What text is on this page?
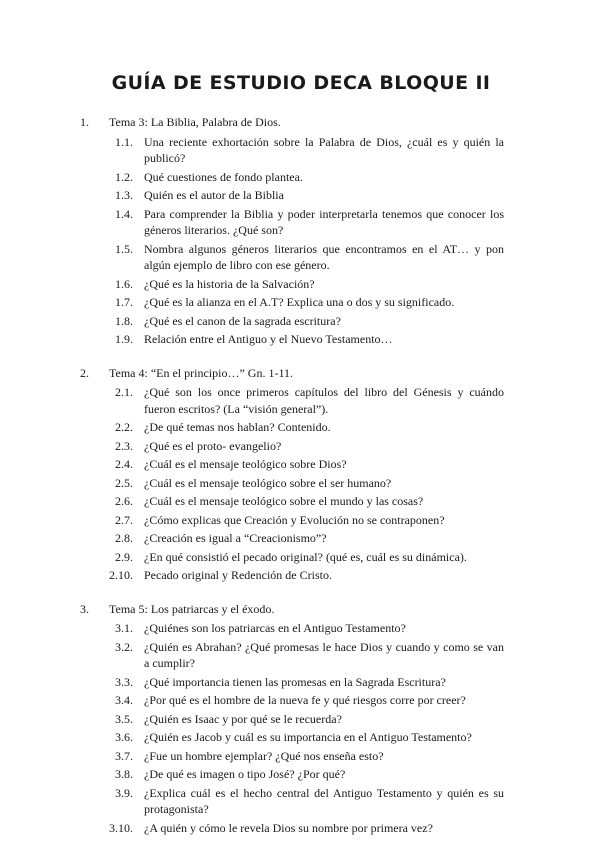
GUÍA DE ESTUDIO DECA BLOQUE II
1.	Tema 3: La Biblia, Palabra de Dios.
1.1. Una reciente exhortación sobre la Palabra de Dios, ¿cuál es y quién la publicó?
1.2. Qué cuestiones de fondo plantea.
1.3. Quién es el autor de la Biblia
1.4. Para comprender la Biblia y poder interpretarla tenemos que conocer los géneros literarios. ¿Qué son?
1.5. Nombra algunos géneros literarios que encontramos en el AT… y pon algún ejemplo de libro con ese género.
1.6. ¿Qué es la historia de la Salvación?
1.7. ¿Qué es la alianza en el A.T? Explica una o dos y su significado.
1.8. ¿Qué es el canon de la sagrada escritura?
1.9. Relación entre el Antiguo y el Nuevo Testamento…
2.	Tema 4: “En el principio…” Gn. 1-11.
2.1. ¿Qué son los once primeros capítulos del libro del Génesis y cuándo fueron escritos? (La “visión general”).
2.2. ¿De qué temas nos hablan? Contenido.
2.3. ¿Qué es el proto- evangelio?
2.4. ¿Cuál es el mensaje teológico sobre Dios?
2.5. ¿Cuál es el mensaje teológico sobre el ser humano?
2.6. ¿Cuál es el mensaje teológico sobre el mundo y las cosas?
2.7. ¿Cómo explicas que Creación y Evolución no se contraponen?
2.8. ¿Creación es igual a “Creacionismo”?
2.9. ¿En qué consistió el pecado original? (qué es, cuál es su dinámica).
2.10. Pecado original y Redención de Cristo.
3.	Tema 5: Los patriarcas y el éxodo.
3.1. ¿Quiénes son los patriarcas en el Antiguo Testamento?
3.2. ¿Quién es Abrahan? ¿Qué promesas le hace Dios y cuando y como se van a cumplir?
3.3. ¿Qué importancia tienen las promesas en la Sagrada Escritura?
3.4. ¿Por qué es el hombre de la nueva fe y qué riesgos corre por creer?
3.5. ¿Quién es Isaac y por qué se le recuerda?
3.6. ¿Quién es Jacob y cuál es su importancia en el Antiguo Testamento?
3.7. ¿Fue un hombre ejemplar? ¿Qué nos enseña esto?
3.8. ¿De qué es imagen o tipo José? ¿Por qué?
3.9. ¿Explica cuál es el hecho central del Antiguo Testamento y quién es su protagonista?
3.10. ¿A quién y cómo le revela Dios su nombre por primera vez?
